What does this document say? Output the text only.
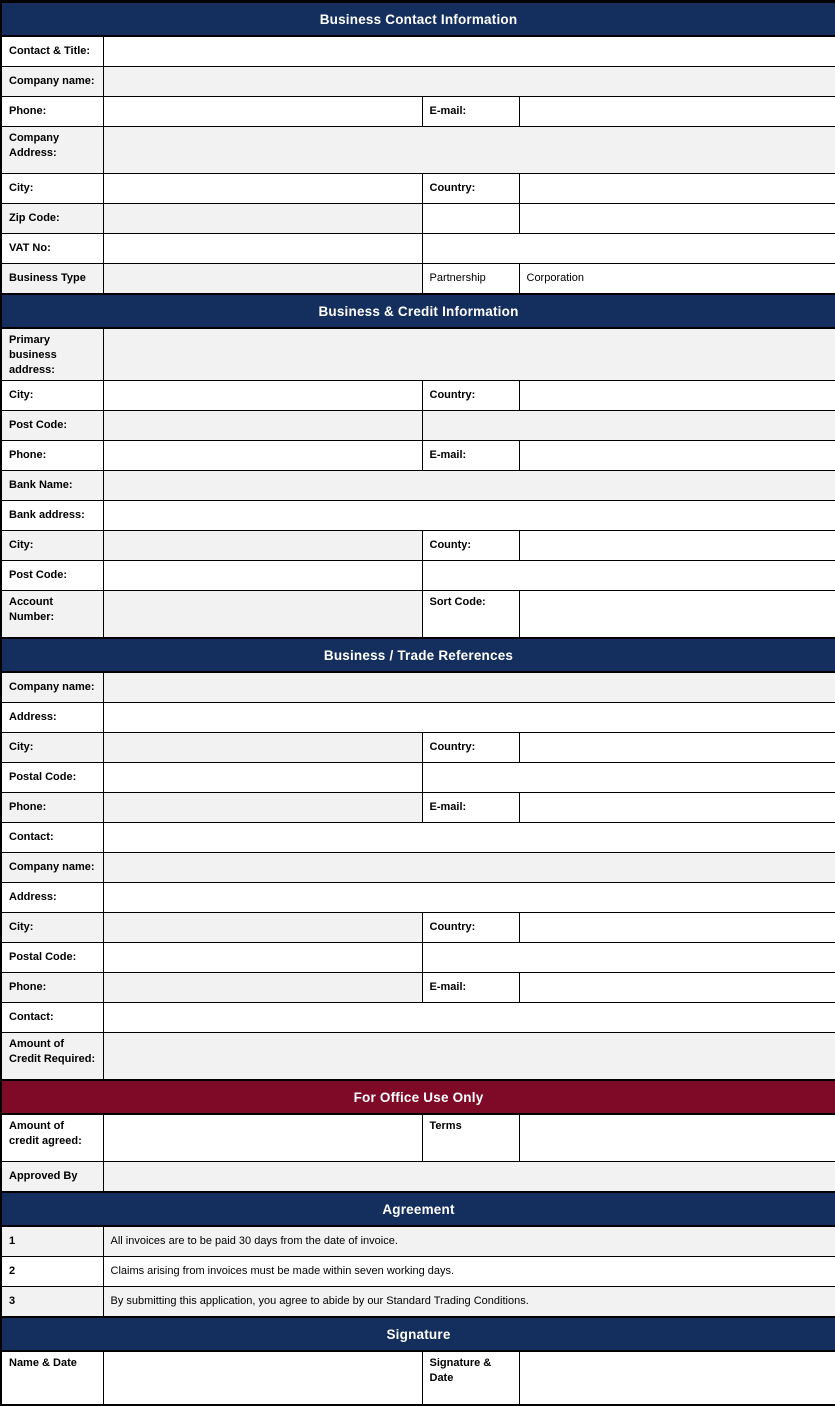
Business Contact Information			
Contact & Title:			
Company name:			
Phone:		E-mail:	
Company Address:			
City:		Country:	
Zip Code:			
VAT No:			
Business Type		Partnership	Corporation
Business & Credit Information			
Primary business address:			
City:		Country:	
Post Code:			
Phone:		E-mail:	
Bank Name:			
Bank address:			
City:		County:	
Post Code:			
Account Number:		Sort Code:	
Business / Trade References			
Company name:			
Address:			
City:		Country:	
Postal Code:			
Phone:		E-mail:	
Contact:			
Company name:			
Address:			
City:		Country:	
Postal Code:			
Phone:		E-mail:	
Contact:			
Amount of Credit Required:			
For Office Use Only			
Amount of credit agreed:		Terms	
Approved By			
Agreement			
1	All invoices are to be paid 30 days from the date of invoice.		
2	Claims arising from invoices must be made within seven working days.		
3	By submitting this application, you agree to abide by our Standard Trading Conditions.		
Signature			
Name & Date		Signature & Date	
